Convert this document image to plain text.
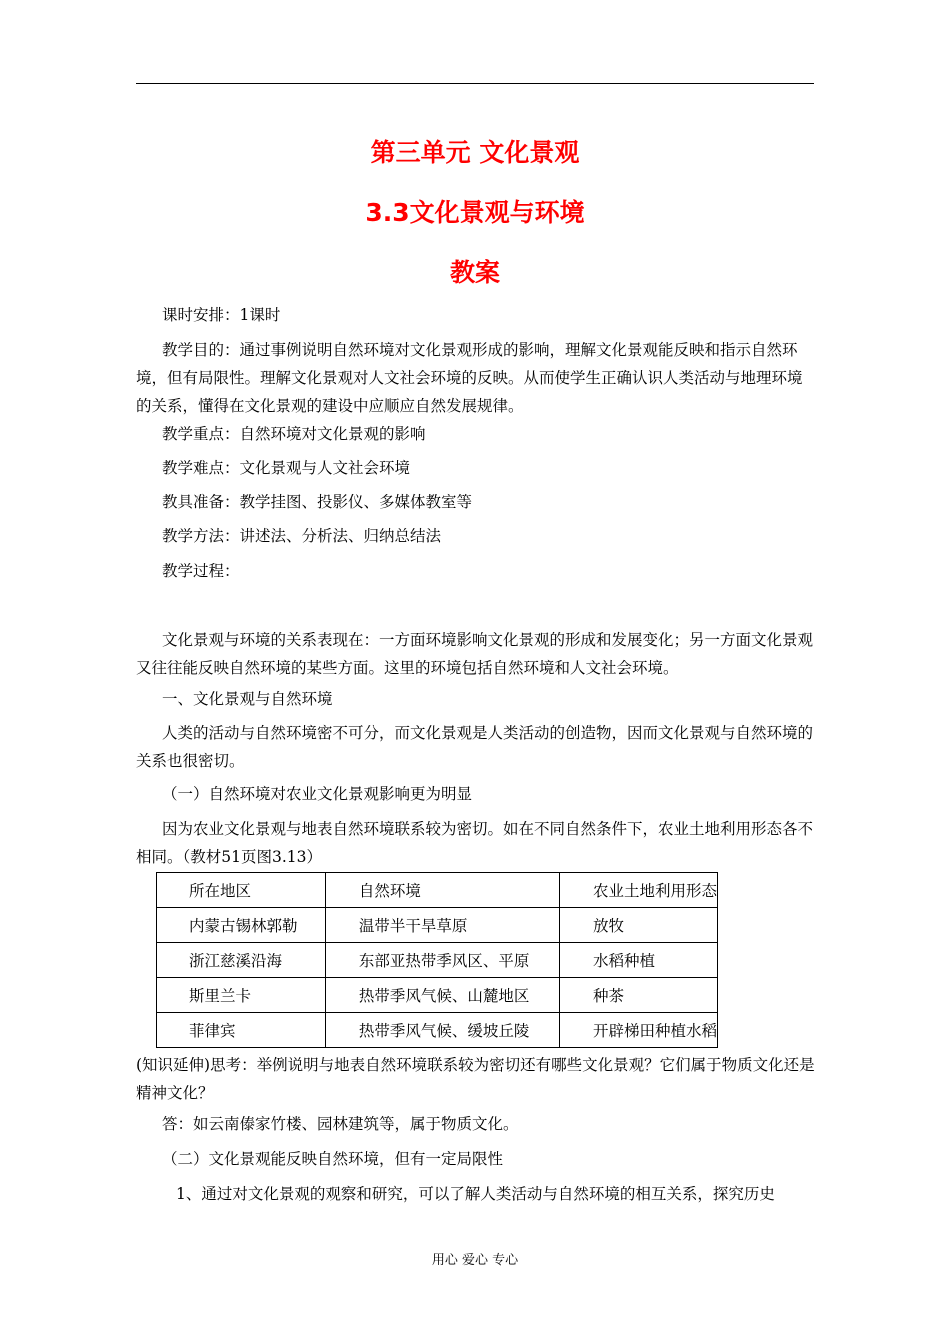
第三单元 文化景观
3.3文化景观与环境
教案

课时安排：1课时

教学目的：通过事例说明自然环境对文化景观形成的影响，理解文化景观能反映和指示自然环境，但有局限性。理解文化景观对人文社会环境的反映。从而使学生正确认识人类活动与地理环境的关系，懂得在文化景观的建设中应顺应自然发展规律。

教学重点：自然环境对文化景观的影响

教学难点：文化景观与人文社会环境

教具准备：教学挂图、投影仪、多媒体教室等

教学方法：讲述法、分析法、归纳总结法

教学过程：

文化景观与环境的关系表现在：一方面环境影响文化景观的形成和发展变化；另一方面文化景观又往往能反映自然环境的某些方面。这里的环境包括自然环境和人文社会环境。

一、文化景观与自然环境

人类的活动与自然环境密不可分，而文化景观是人类活动的创造物，因而文化景观与自然环境的关系也很密切。

（一）自然环境对农业文化景观影响更为明显

因为农业文化景观与地表自然环境联系较为密切。如在不同自然条件下，农业土地利用形态各不相同。（教材51页图3.13）

所在地区	自然环境	农业土地利用形态
内蒙古锡林郭勒	温带半干旱草原	放牧
浙江慈溪沿海	东部亚热带季风区、平原	水稻种植
斯里兰卡	热带季风气候、山麓地区	种茶
菲律宾	热带季风气候、缓坡丘陵	开辟梯田种植水稻

(知识延伸)思考：举例说明与地表自然环境联系较为密切还有哪些文化景观？它们属于物质文化还是精神文化？

答：如云南傣家竹楼、园林建筑等，属于物质文化。

（二）文化景观能反映自然环境，但有一定局限性

1、通过对文化景观的观察和研究，可以了解人类活动与自然环境的相互关系，探究历史

用心 爱心 专心
